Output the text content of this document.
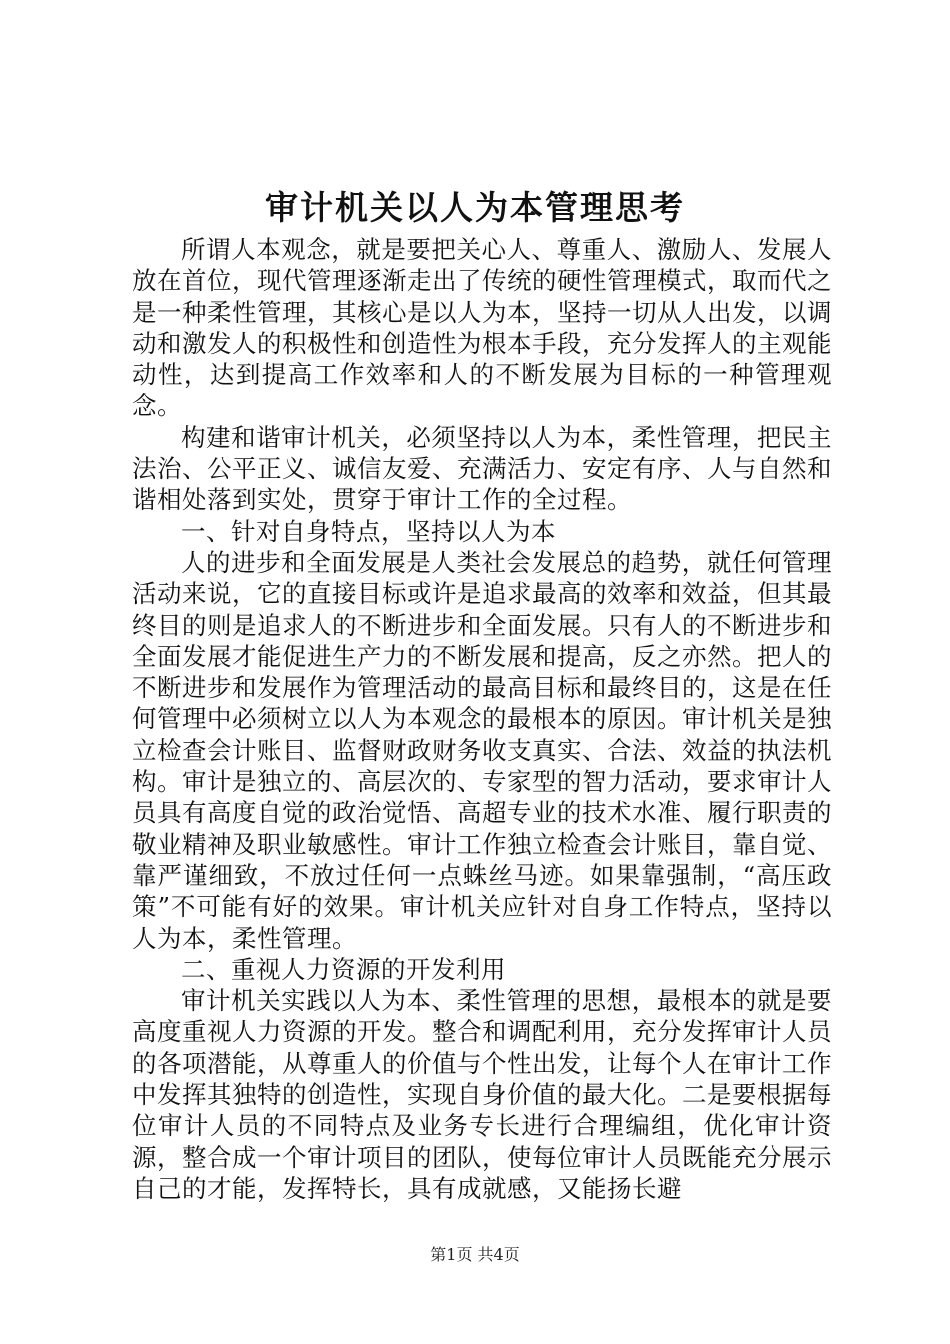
审计机关以人为本管理思考

所谓人本观念，就是要把关心人、尊重人、激励人、发展人放在首位，现代管理逐渐走出了传统的硬性管理模式，取而代之是一种柔性管理，其核心是以人为本，坚持一切从人出发，以调动和激发人的积极性和创造性为根本手段，充分发挥人的主观能动性，达到提高工作效率和人的不断发展为目标的一种管理观念。

构建和谐审计机关，必须坚持以人为本，柔性管理，把民主法治、公平正义、诚信友爱、充满活力、安定有序、人与自然和谐相处落到实处，贯穿于审计工作的全过程。

一、针对自身特点，坚持以人为本

人的进步和全面发展是人类社会发展总的趋势，就任何管理活动来说，它的直接目标或许是追求最高的效率和效益，但其最终目的则是追求人的不断进步和全面发展。只有人的不断进步和全面发展才能促进生产力的不断发展和提高，反之亦然。把人的不断进步和发展作为管理活动的最高目标和最终目的，这是在任何管理中必须树立以人为本观念的最根本的原因。审计机关是独立检查会计账目、监督财政财务收支真实、合法、效益的执法机构。审计是独立的、高层次的、专家型的智力活动，要求审计人员具有高度自觉的政治觉悟、高超专业的技术水准、履行职责的敬业精神及职业敏感性。审计工作独立检查会计账目，靠自觉、靠严谨细致，不放过任何一点蛛丝马迹。如果靠强制，“高压政策”不可能有好的效果。审计机关应针对自身工作特点，坚持以人为本，柔性管理。

二、重视人力资源的开发利用

审计机关实践以人为本、柔性管理的思想，最根本的就是要高度重视人力资源的开发。整合和调配利用，充分发挥审计人员的各项潜能，从尊重人的价值与个性出发，让每个人在审计工作中发挥其独特的创造性，实现自身价值的最大化。二是要根据每位审计人员的不同特点及业务专长进行合理编组，优化审计资源，整合成一个审计项目的团队，使每位审计人员既能充分展示自己的才能，发挥特长，具有成就感，又能扬长避

第1页 共4页
